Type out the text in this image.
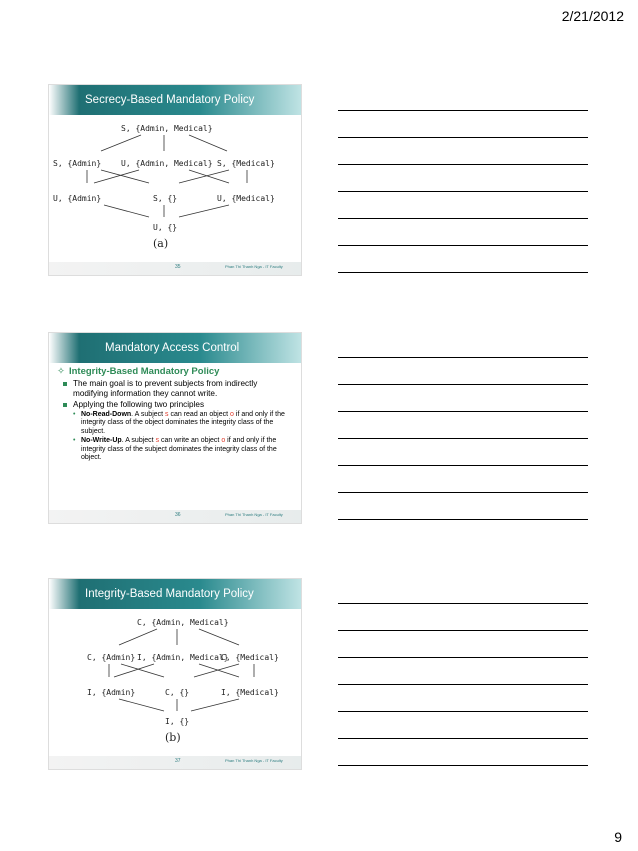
2/21/2012
Secrecy-Based Mandatory Policy
S, {Admin, Medical}
S, {Admin} U, {Admin, Medical} S, {Medical}
U, {Admin}	S, {}	U, {Medical}
U, {}
(a)
35	Phan Thi Thanh Nga - IT Faculty
Mandatory Access Control
✧ Integrity-Based Mandatory Policy
The main goal is to prevent subjects from indirectly modifying information they cannot write.
Applying the following two principles
• No-Read-Down. A subject s can read an object o if and only if the integrity class of the object dominates the integrity class of the subject.
• No-Write-Up. A subject s can write an object o if and only if the integrity class of the subject dominates the integrity class of the object.
36	Phan Thi Thanh Nga - IT Faculty
Integrity-Based Mandatory Policy
C, {Admin, Medical}
C, {Admin} I, {Admin, Medical}
C, {Medical}
I, {Admin}	C, {}	I, {Medical}
I, {}
(b)
37	Phan Thi Thanh Nga - IT Faculty
9
